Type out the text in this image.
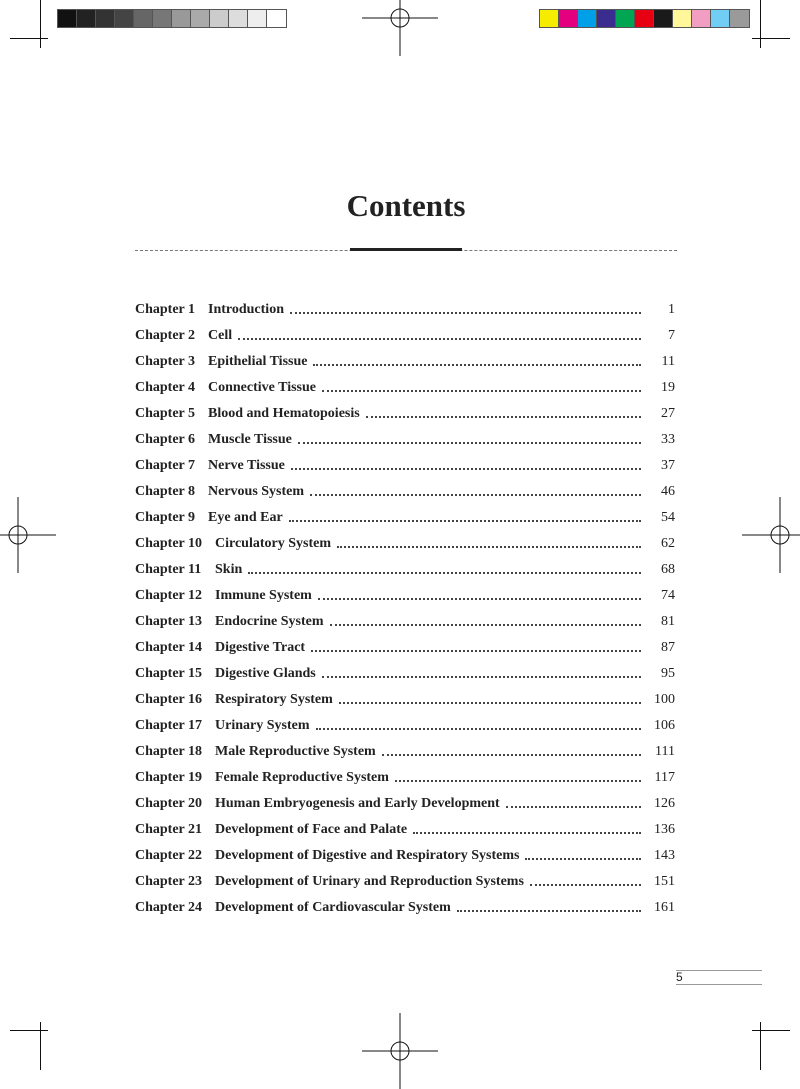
Contents
Chapter 1 Introduction	1
Chapter 2 Cell	7
Chapter 3 Epithelial Tissue	11
Chapter 4 Connective Tissue	19
Chapter 5 Blood and Hematopoiesis	27
Chapter 6 Muscle Tissue	33
Chapter 7 Nerve Tissue	37
Chapter 8 Nervous System	46
Chapter 9 Eye and Ear	54
Chapter 10 Circulatory System	62
Chapter 11 Skin	68
Chapter 12 Immune System	74
Chapter 13 Endocrine System	81
Chapter 14 Digestive Tract	87
Chapter 15 Digestive Glands	95
Chapter 16 Respiratory System	100
Chapter 17 Urinary System	106
Chapter 18 Male Reproductive System	111
Chapter 19 Female Reproductive System	117
Chapter 20 Human Embryogenesis and Early Development	126
Chapter 21 Development of Face and Palate	136
Chapter 22 Development of Digestive and Respiratory Systems	143
Chapter 23 Development of Urinary and Reproduction Systems	151
Chapter 24 Development of Cardiovascular System	161
5
